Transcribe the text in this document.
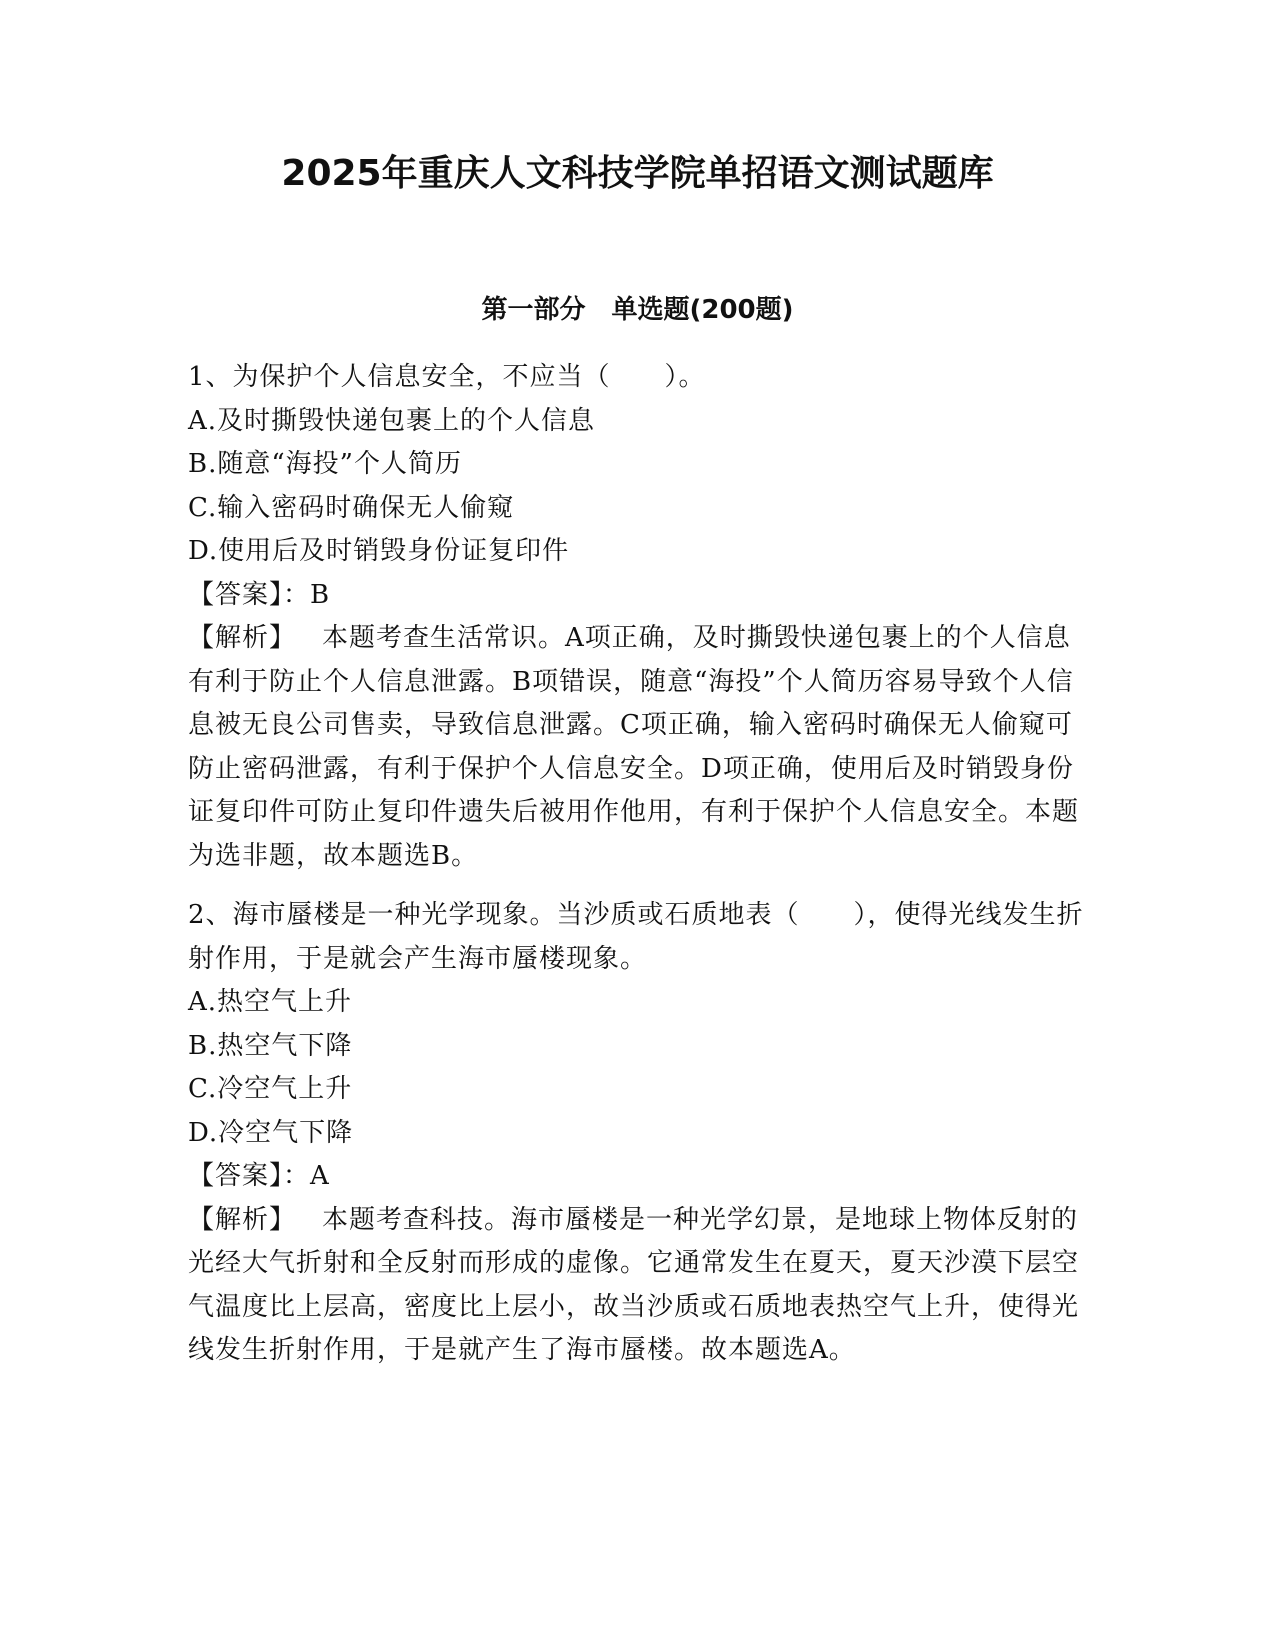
2025年重庆人文科技学院单招语文测试题库
第一部分　单选题(200题)
1、为保护个人信息安全，不应当（　　）。
A.及时撕毁快递包裹上的个人信息
B.随意“海投”个人简历
C.输入密码时确保无人偷窥
D.使用后及时销毁身份证复印件
【答案】：B
【解析】 本题考查生活常识。A项正确，及时撕毁快递包裹上的个人信息有利于防止个人信息泄露。B项错误，随意“海投”个人简历容易导致个人信息被无良公司售卖，导致信息泄露。C项正确，输入密码时确保无人偷窥可防止密码泄露，有利于保护个人信息安全。D项正确，使用后及时销毁身份证复印件可防止复印件遗失后被用作他用，有利于保护个人信息安全。本题为选非题，故本题选B。
2、海市蜃楼是一种光学现象。当沙质或石质地表（　　），使得光线发生折射作用，于是就会产生海市蜃楼现象。
A.热空气上升
B.热空气下降
C.冷空气上升
D.冷空气下降
【答案】：A
【解析】 本题考查科技。海市蜃楼是一种光学幻景，是地球上物体反射的光经大气折射和全反射而形成的虚像。它通常发生在夏天，夏天沙漠下层空气温度比上层高，密度比上层小，故当沙质或石质地表热空气上升，使得光线发生折射作用，于是就产生了海市蜃楼。故本题选A。
